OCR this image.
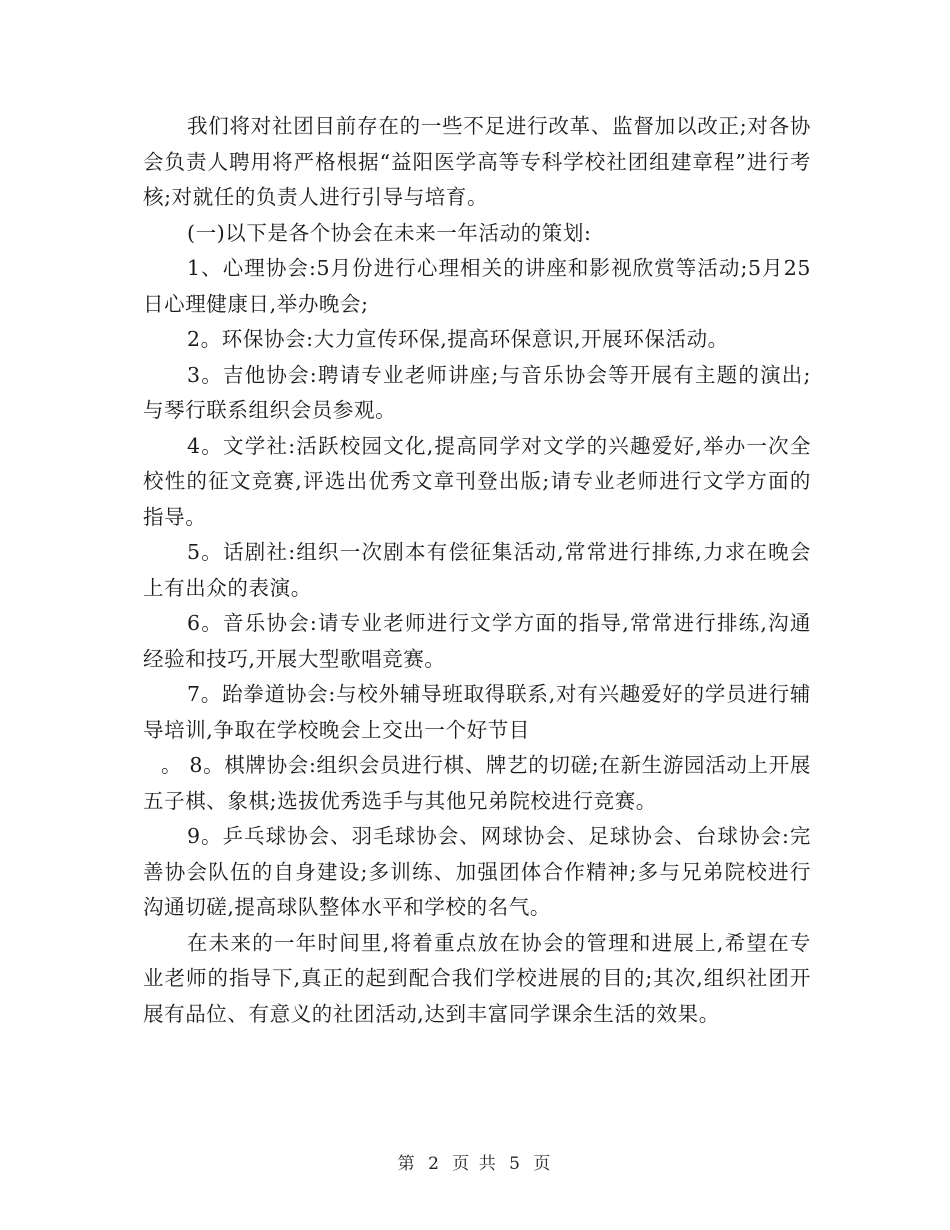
我们将对社团目前存在的一些不足进行改革、监督加以改正;对各协会负责人聘用将严格根据“益阳医学高等专科学校社团组建章程”进行考核;对就任的负责人进行引导与培育。

(一)以下是各个协会在未来一年活动的策划:

1、心理协会:5月份进行心理相关的讲座和影视欣赏等活动;5月25日心理健康日,举办晚会;

2。环保协会:大力宣传环保,提高环保意识,开展环保活动。

3。吉他协会:聘请专业老师讲座;与音乐协会等开展有主题的演出;与琴行联系组织会员参观。

4。文学社:活跃校园文化,提高同学对文学的兴趣爱好,举办一次全校性的征文竞赛,评选出优秀文章刊登出版;请专业老师进行文学方面的指导。

5。话剧社:组织一次剧本有偿征集活动,常常进行排练,力求在晚会上有出众的表演。

6。音乐协会:请专业老师进行文学方面的指导,常常进行排练,沟通经验和技巧,开展大型歌唱竞赛。

7。跆拳道协会:与校外辅导班取得联系,对有兴趣爱好的学员进行辅导培训,争取在学校晚会上交出一个好节目

。 8。棋牌协会:组织会员进行棋、牌艺的切磋;在新生游园活动上开展五子棋、象棋;选拔优秀选手与其他兄弟院校进行竞赛。

9。乒乓球协会、羽毛球协会、网球协会、足球协会、台球协会:完善协会队伍的自身建设;多训练、加强团体合作精神;多与兄弟院校进行沟通切磋,提高球队整体水平和学校的名气。

在未来的一年时间里,将着重点放在协会的管理和进展上,希望在专业老师的指导下,真正的起到配合我们学校进展的目的;其次,组织社团开展有品位、有意义的社团活动,达到丰富同学课余生活的效果。

第 2 页 共 5 页
